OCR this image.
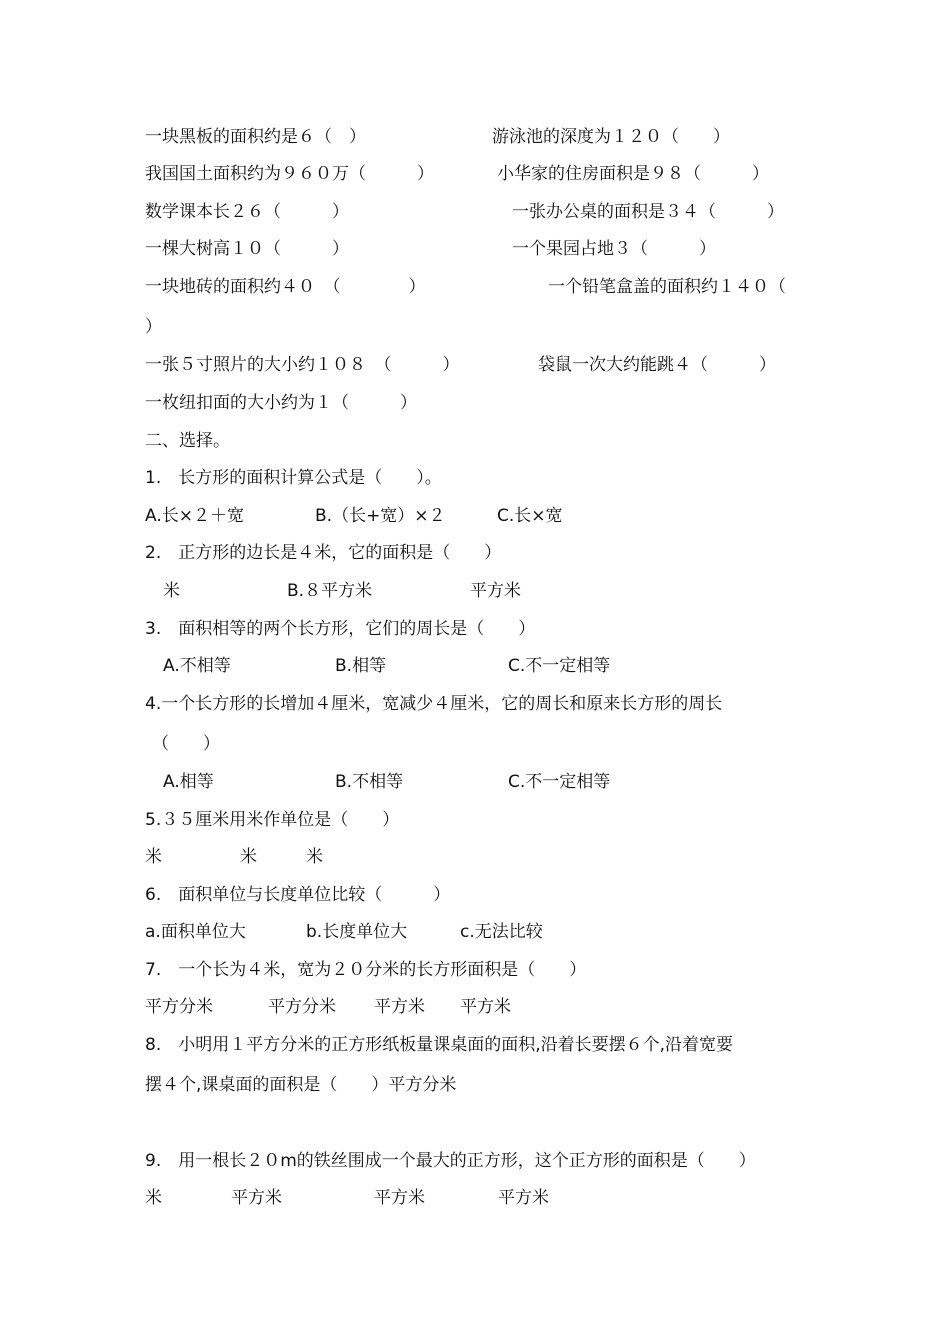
一块黑板的面积约是６（　）	游泳池的深度为１２０（　　）
我国国土面积约为９６０万（　　　）	小华家的住房面积是９８（　　　）
数学课本长２６（　　　）	一张办公桌的面积是３４（　　　）
一棵大树高１０（　　　）	一个果园占地３（　　　）
一块地砖的面积约４０　（　　　　）	一个铅笔盒盖的面积约１４０（
）
一张５寸照片的大小约１０８　（　　　）	袋鼠一次大约能跳４（　　　）
一枚纽扣面的大小约为１（　　　）
二、选择。
1.　长方形的面积计算公式是（　　）。
A.长×２＋宽	B.（长+宽）×２	C.长×宽
2.　正方形的边长是４米，它的面积是（　　）
米	B.８平方米	平方米
3.　面积相等的两个长方形，它们的周长是（　　）
A.不相等	B.相等	C.不一定相等
4.一个长方形的长增加４厘米，宽减少４厘米，它的周长和原来长方形的周长
（　　）
A.相等	B.不相等	C.不一定相等
5.３５厘米用米作单位是（　　）
米	米	米
6.　面积单位与长度单位比较（　　　）
a.面积单位大	b.长度单位大	c.无法比较
7.　一个长为４米，宽为２０分米的长方形面积是（　　）
平方分米	平方分米 平方米 平方米
8.　小明用１平方分米的正方形纸板量课桌面的面积,沿着长要摆６个,沿着宽要
摆４个,课桌面的面积是（　　）平方分米
9.　用一根长２０m的铁丝围成一个最大的正方形，这个正方形的面积是（　　）
米	平方米	平方米	平方米
